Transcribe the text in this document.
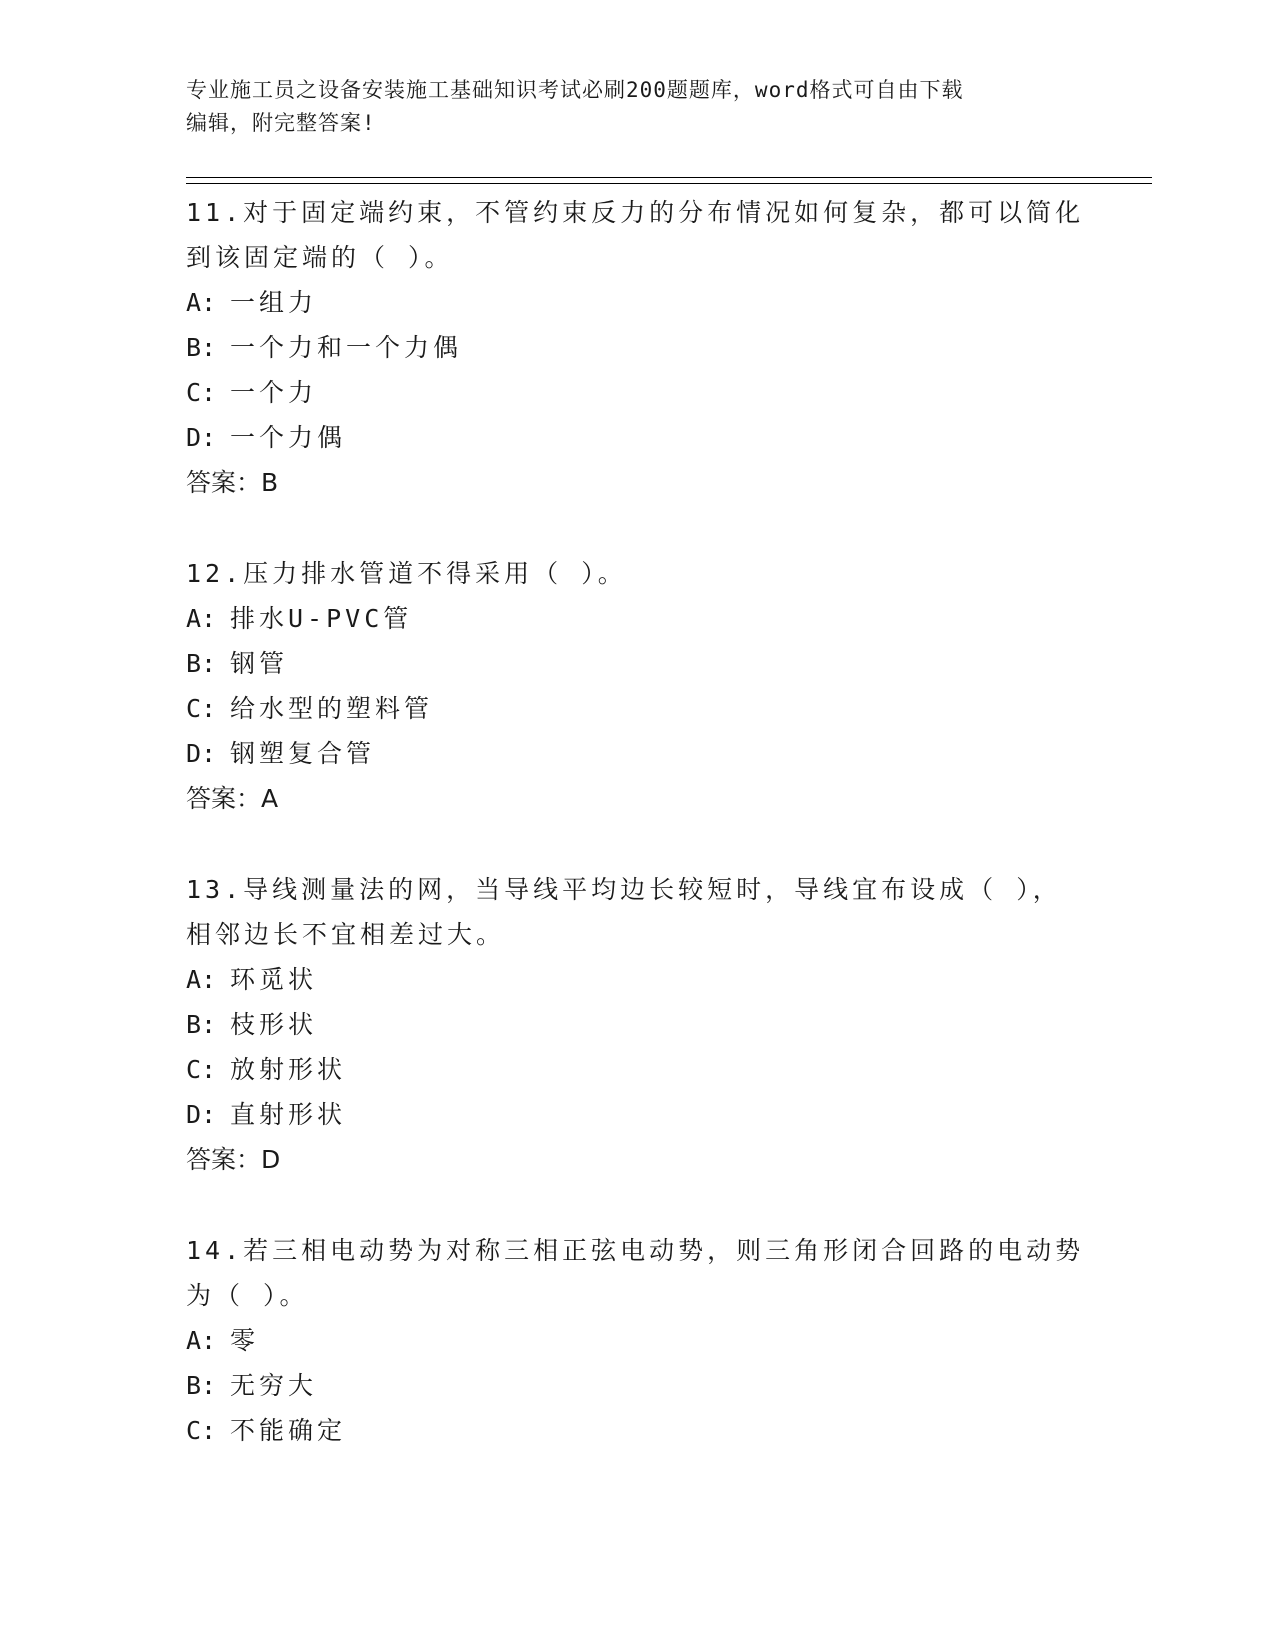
专业施工员之设备安装施工基础知识考试必刷200题题库，word格式可自由下载
编辑，附完整答案!

11.对于固定端约束，不管约束反力的分布情况如何复杂，都可以简化
到该固定端的（ ）。

A: 一组力

B: 一个力和一个力偶

C: 一个力

D: 一个力偶

答案：B

12.压力排水管道不得采用（ ）。

A: 排水U-PVC管

B: 钢管

C: 给水型的塑料管

D: 钢塑复合管

答案：A

13.导线测量法的网，当导线平均边长较短时，导线宜布设成（ ），
相邻边长不宜相差过大。

A: 环觅状

B: 枝形状

C: 放射形状

D: 直射形状

答案：D

14.若三相电动势为对称三相正弦电动势，则三角形闭合回路的电动势
为（ ）。

A: 零

B: 无穷大

C: 不能确定
